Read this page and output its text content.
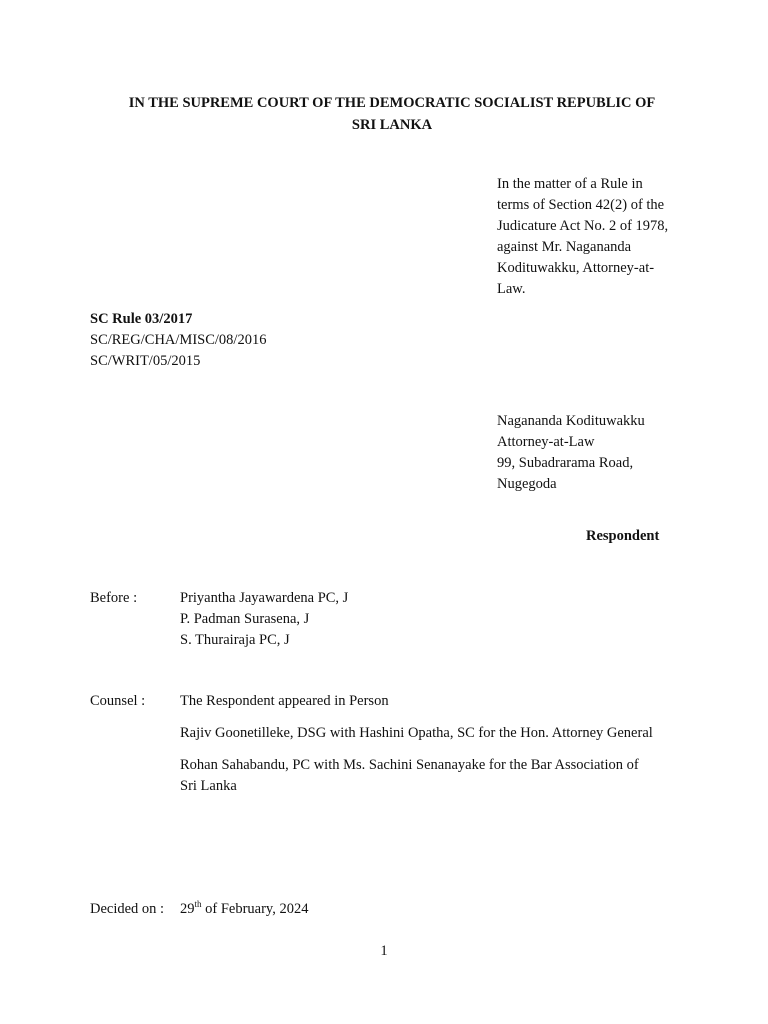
IN THE SUPREME COURT OF THE DEMOCRATIC SOCIALIST REPUBLIC OF
SRI LANKA
In the matter of a Rule in
terms of Section 42(2) of the
Judicature Act No. 2 of 1978,
against Mr. Nagananda
Kodituwakku, Attorney-at-
Law.
SC Rule 03/2017
SC/REG/CHA/MISC/08/2016
SC/WRIT/05/2015
Nagananda Kodituwakku
Attorney-at-Law
99, Subadrarama Road,
Nugegoda
Respondent
Before :	Priyantha Jayawardena PC, J
P. Padman Surasena, J
S. Thurairaja PC, J
Counsel : The Respondent appeared in Person
Rajiv Goonetilleke, DSG with Hashini Opatha, SC for the Hon. Attorney General
Rohan Sahabandu, PC with Ms. Sachini Senanayake for the Bar Association of
Sri Lanka
Decided on : 29th of February, 2024
1
